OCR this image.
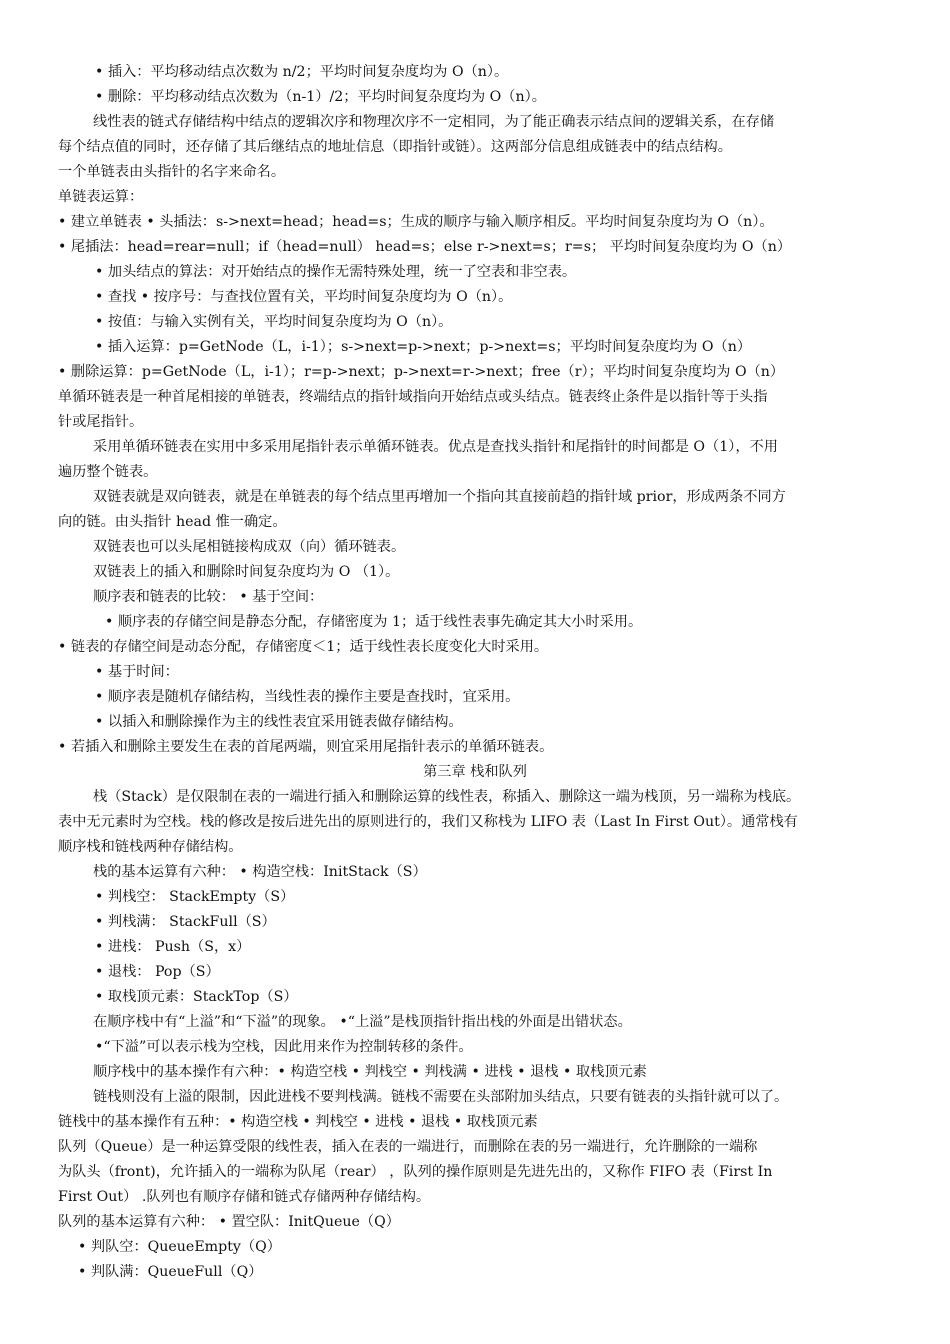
• 插入：平均移动结点次数为 n/2；平均时间复杂度均为 O（n）。
• 删除：平均移动结点次数为（n-1）/2；平均时间复杂度均为 O（n）。
线性表的链式存储结构中结点的逻辑次序和物理次序不一定相同，为了能正确表示结点间的逻辑关系，在存储
每个结点值的同时，还存储了其后继结点的地址信息（即指针或链）。这两部分信息组成链表中的结点结构。
一个单链表由头指针的名字来命名。
单链表运算：
• 建立单链表 • 头插法：s->next=head；head=s；生成的顺序与输入顺序相反。平均时间复杂度均为 O（n）。
• 尾插法：head=rear=null；if（head=null） head=s；else r->next=s；r=s； 平均时间复杂度均为 O（n）
• 加头结点的算法：对开始结点的操作无需特殊处理，统一了空表和非空表。
• 查找 • 按序号：与查找位置有关，平均时间复杂度均为 O（n）。
• 按值：与输入实例有关，平均时间复杂度均为 O（n）。
• 插入运算：p=GetNode（L，i-1）；s->next=p->next；p->next=s；平均时间复杂度均为 O（n）
• 删除运算：p=GetNode（L，i-1）；r=p->next；p->next=r->next；free（r）；平均时间复杂度均为 O（n）
单循环链表是一种首尾相接的单链表，终端结点的指针域指向开始结点或头结点。链表终止条件是以指针等于头指
针或尾指针。
采用单循环链表在实用中多采用尾指针表示单循环链表。优点是查找头指针和尾指针的时间都是 O（1），不用
遍历整个链表。
双链表就是双向链表，就是在单链表的每个结点里再增加一个指向其直接前趋的指针域 prior，形成两条不同方
向的链。由头指针 head 惟一确定。
双链表也可以头尾相链接构成双（向）循环链表。
双链表上的插入和删除时间复杂度均为 O （1）。
顺序表和链表的比较： • 基于空间：
• 顺序表的存储空间是静态分配，存储密度为 1；适于线性表事先确定其大小时采用。
• 链表的存储空间是动态分配，存储密度＜1；适于线性表长度变化大时采用。
• 基于时间：
• 顺序表是随机存储结构，当线性表的操作主要是查找时，宜采用。
• 以插入和删除操作为主的线性表宜采用链表做存储结构。
• 若插入和删除主要发生在表的首尾两端，则宜采用尾指针表示的单循环链表。
第三章 栈和队列
栈（Stack）是仅限制在表的一端进行插入和删除运算的线性表，称插入、删除这一端为栈顶，另一端称为栈底。
表中无元素时为空栈。栈的修改是按后进先出的原则进行的，我们又称栈为 LIFO 表（Last In First Out）。通常栈有
顺序栈和链栈两种存储结构。
栈的基本运算有六种： • 构造空栈：InitStack（S）
• 判栈空： StackEmpty（S）
• 判栈满： StackFull（S）
• 进栈： Push（S，x）
• 退栈： Pop（S）
• 取栈顶元素：StackTop（S）
在顺序栈中有“上溢”和“下溢”的现象。 •“上溢”是栈顶指针指出栈的外面是出错状态。
•“下溢”可以表示栈为空栈，因此用来作为控制转移的条件。
顺序栈中的基本操作有六种：• 构造空栈 • 判栈空 • 判栈满 • 进栈 • 退栈 • 取栈顶元素
链栈则没有上溢的限制，因此进栈不要判栈满。链栈不需要在头部附加头结点，只要有链表的头指针就可以了。
链栈中的基本操作有五种：• 构造空栈 • 判栈空 • 进栈 • 退栈 • 取栈顶元素
队列（Queue）是一种运算受限的线性表，插入在表的一端进行，而删除在表的另一端进行，允许删除的一端称
为队头（front)，允许插入的一端称为队尾（rear） ，队列的操作原则是先进先出的，又称作 FIFO 表（First In
First Out） .队列也有顺序存储和链式存储两种存储结构。
队列的基本运算有六种： • 置空队：InitQueue（Q）
• 判队空：QueueEmpty（Q）
• 判队满：QueueFull（Q）
